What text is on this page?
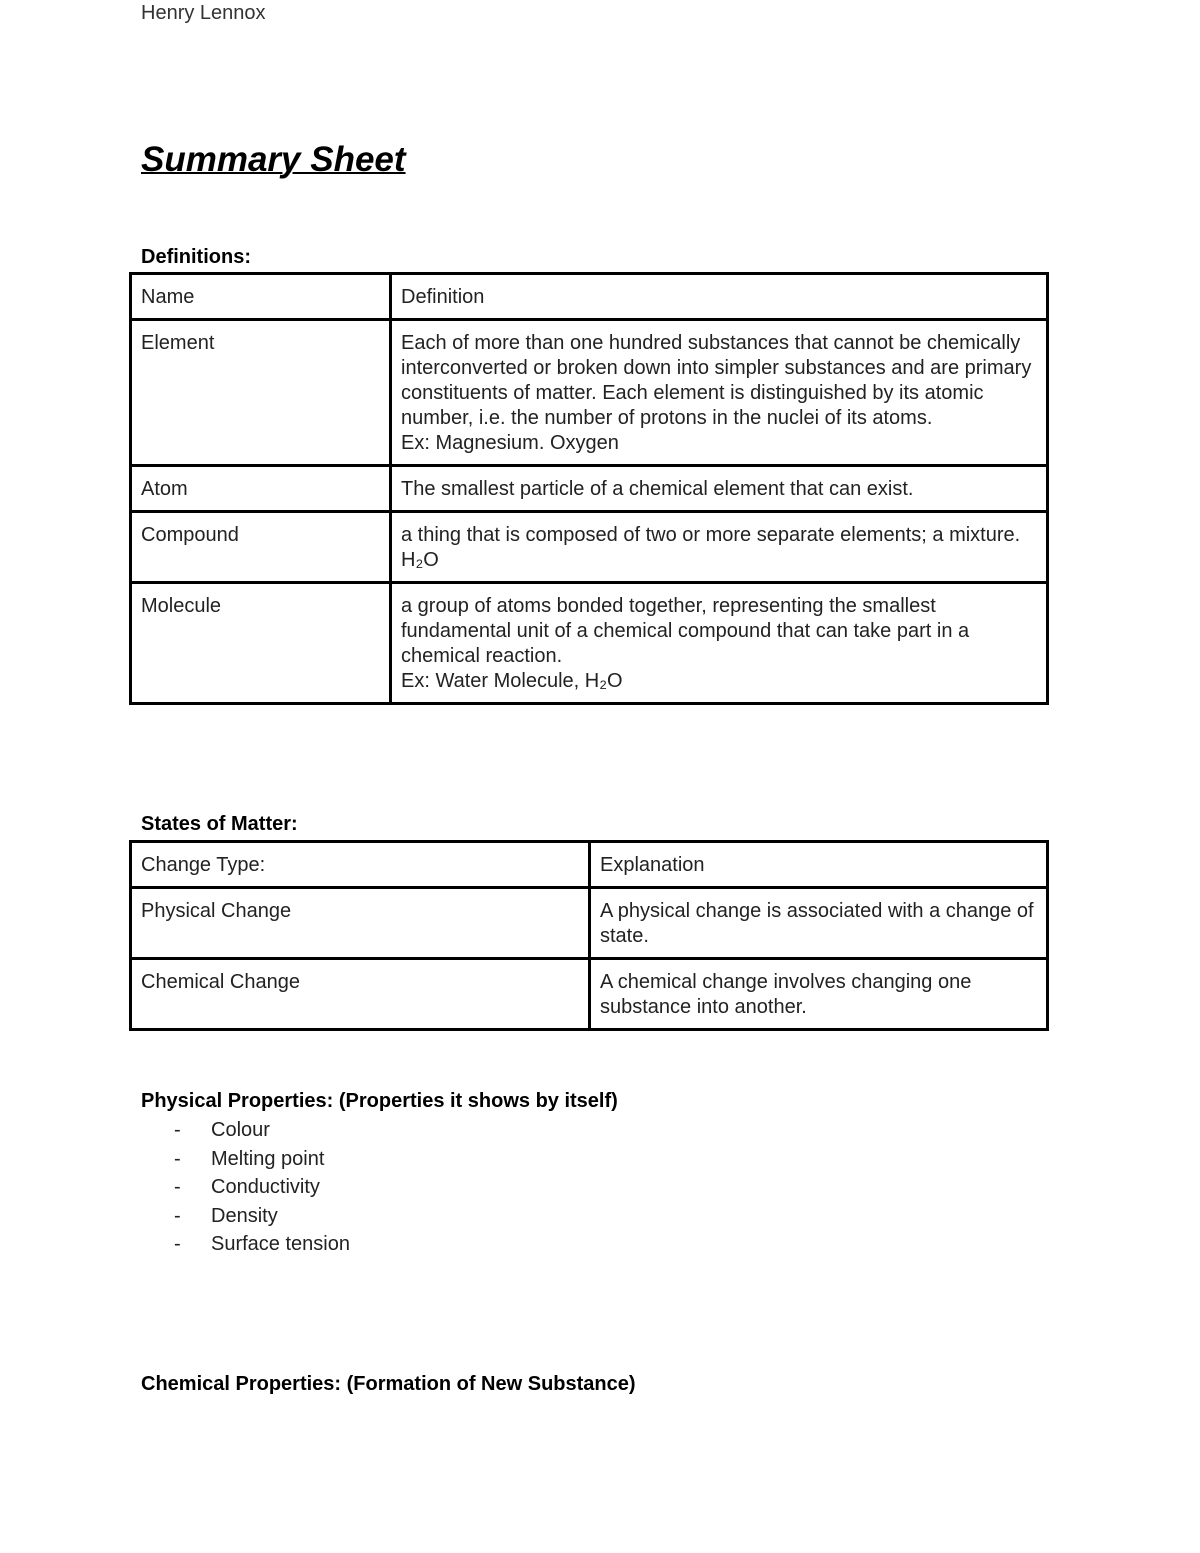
Henry Lennox
Summary Sheet
Definitions:
Name	Definition
Element	Each of more than one hundred substances that cannot be chemically interconverted or broken down into simpler substances and are primary constituents of matter. Each element is distinguished by its atomic number, i.e. the number of protons in the nuclei of its atoms.
Ex: Magnesium. Oxygen

Atom	The smallest particle of a chemical element that can exist.

Compound	a thing that is composed of two or more separate elements; a mixture.
H₂O

Molecule	a group of atoms bonded together, representing the smallest fundamental unit of a chemical compound that can take part in a chemical reaction.
Ex: Water Molecule, H₂O
States of Matter:
Change Type:	Explanation
Physical Change	A physical change is associated with a change of state.
Chemical Change	A chemical change involves changing one substance into another.
Physical Properties: (Properties it shows by itself)
-	Colour
-	Melting point
-	Conductivity
-	Density
-	Surface tension
Chemical Properties: (Formation of New Substance)
